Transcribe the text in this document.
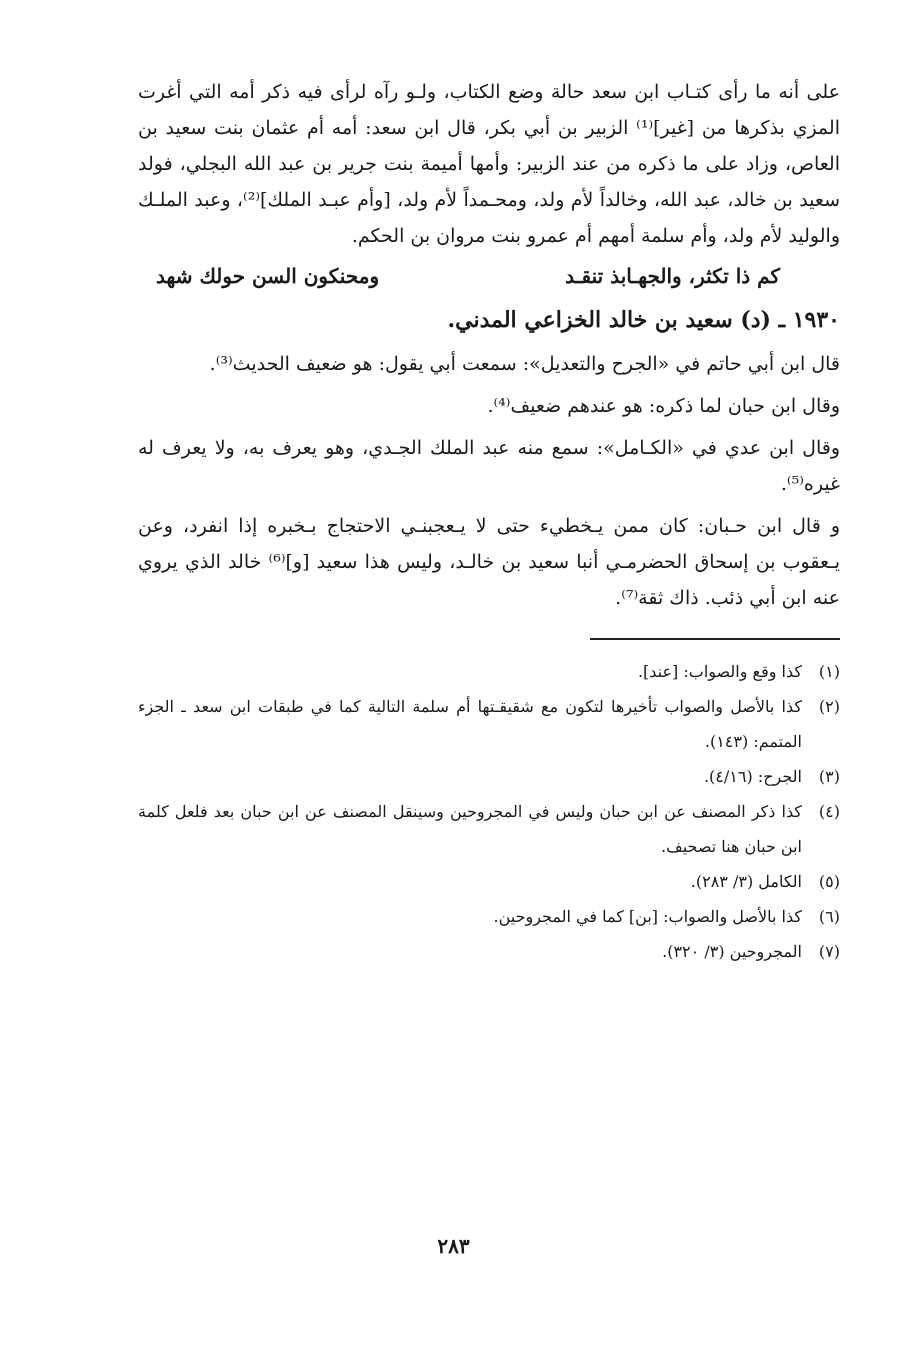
على أنه ما رأى كتـاب ابن سعد حالة وضع الكتاب، ولـو رآه لرأى فيه ذكر أمه التي أغرت المزي بذكرها من [غير]⁽¹⁾ الزبير بن أبي بكر، قال ابن سعد: أمه أم عثمان بنت سعيد بن العاص، وزاد على ما ذكره من عند الزبير: وأمها أميمة بنت جرير بن عبد الله البجلي، فولد سعيد بن خالد، عبد الله، وخالداً لأم ولد، ومحـمداً لأم ولد، [وأم عبـد الملك]⁽²⁾، وعبد الملـك والوليد لأم ولد، وأم سلمة أمهم أم عمرو بنت مروان بن الحكم.

كم ذا تكثر، والجهـابذ تنقـد
ومحنكون السن حولك شهد
١٩٣٠ ـ (د) سعيد بن خالد الخزاعي المدني.

قال ابن أبي حاتم في «الجرح والتعديل»: سمعت أبي يقول: هو ضعيف الحديث⁽³⁾.

وقال ابن حبان لما ذكره: هو عندهم ضعيف⁽⁴⁾.

وقال ابن عدي في «الكـامل»: سمع منه عبد الملك الجـدي، وهو يعرف به، ولا يعرف له غيره⁽⁵⁾.

و قال ابن حـبان: كان ممن يـخطيء حتى لا يـعجبنـي الاحتجاج بـخبره إذا انفرد، وعن يـعقوب بن إسحاق الحضرمـي أنبا سعيد بن خالـد، وليس هذا سعيد [و]⁽⁶⁾ خالد الذي يروي عنه ابن أبي ذئب. ذاك ثقة⁽⁷⁾.

(١)
كذا وقع والصواب: [عند].
(٢)
كذا بالأصل والصواب تأخيرها لتكون مع شقيقـتها أم سلمة التالية كما في طبقات ابن سعد ـ الجزء المتمم: (١٤٣).
(٣)
الجرح: (٤/١٦).
(٤)
كذا ذكر المصنف عن ابن حبان وليس في المجروحين وسينقل المصنف عن ابن حبان بعد فلعل كلمة ابن حبان هنا تصحيف.
(٥)
الكامل (٣/ ٢٨٣).
(٦)
كذا بالأصل والصواب: [بن] كما في المجروحين.
(٧)
المجروحين (٣/ ٣٢٠).
٢٨٣
